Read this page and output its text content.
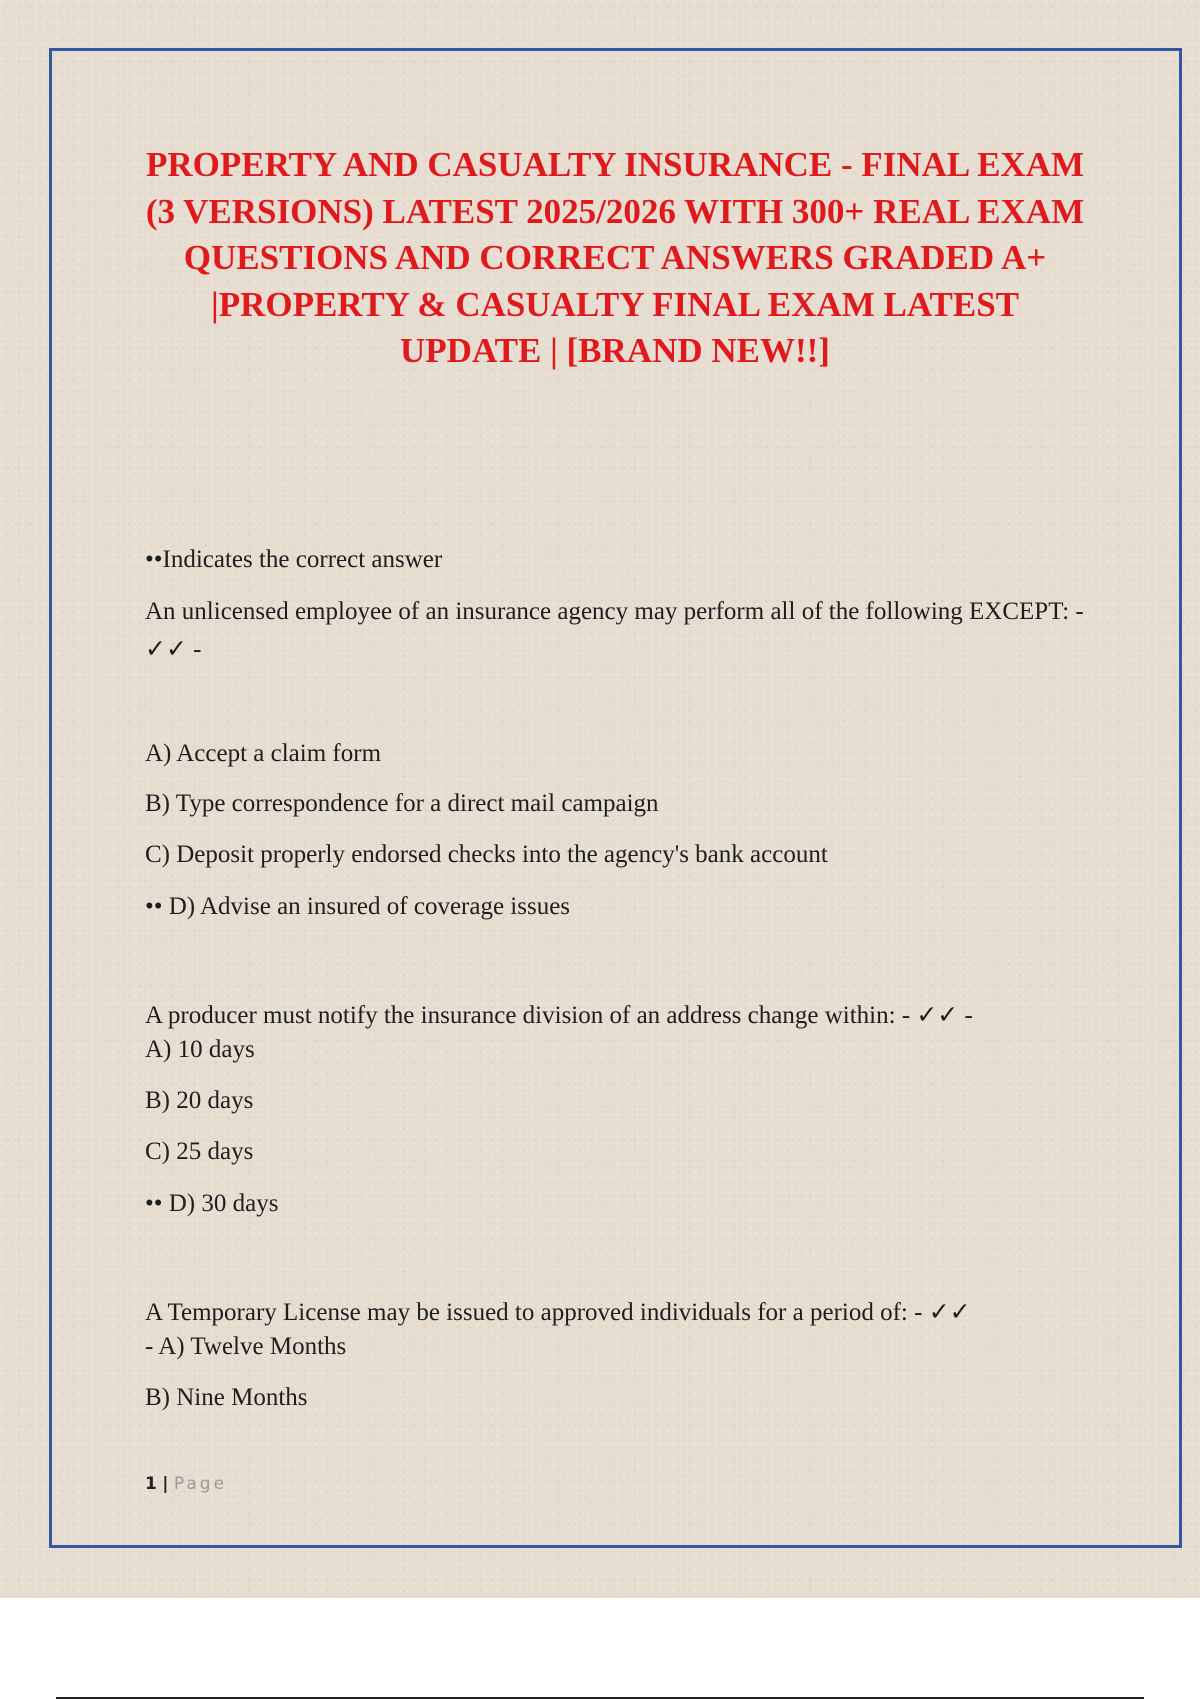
PROPERTY AND CASUALTY INSURANCE - FINAL EXAM (3 VERSIONS) LATEST 2025/2026 WITH 300+ REAL EXAM QUESTIONS AND CORRECT ANSWERS GRADED A+ |PROPERTY & CASUALTY FINAL EXAM LATEST UPDATE | [BRAND NEW!!]

••Indicates the correct answer

An unlicensed employee of an insurance agency may perform all of the following EXCEPT: - ✓✓ -

A) Accept a claim form

B) Type correspondence for a direct mail campaign

C) Deposit properly endorsed checks into the agency's bank account

•• D) Advise an insured of coverage issues

A producer must notify the insurance division of an address change within: - ✓✓ -

A) 10 days

B) 20 days

C) 25 days

•• D) 30 days

A Temporary License may be issued to approved individuals for a period of: - ✓✓

- A) Twelve Months

B) Nine Months

1 | Page
